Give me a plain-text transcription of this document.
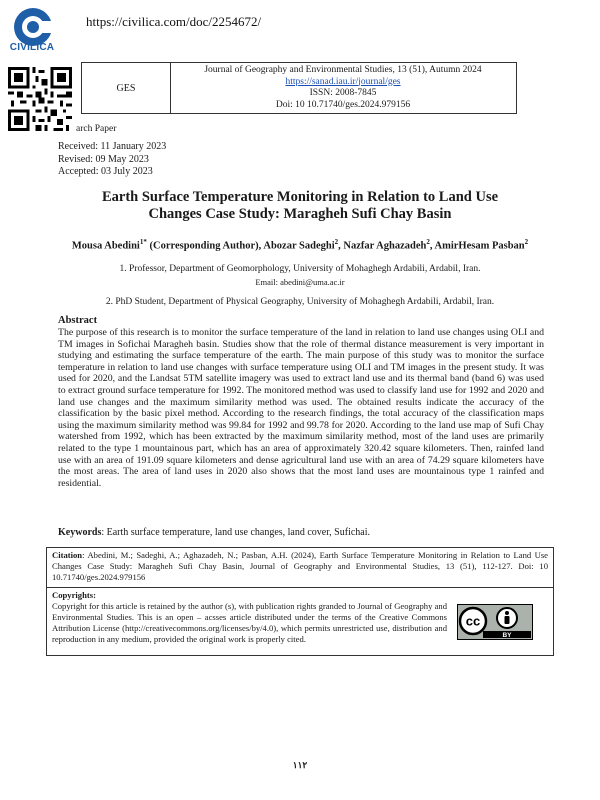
CIVILICA
https://civilica.com/doc/2254672/
GES
Journal of Geography and Environmental Studies, 13 (51), Autumn 2024
https://sanad.iau.ir/journal/ges
ISSN: 2008-7845
Doi: 10 10.71740/ges.2024.979156
arch Paper
Received: 11 January 2023
Revised: 09 May 2023
Accepted: 03 July 2023
Earth Surface Temperature Monitoring in Relation to Land Use
Changes Case Study: Maragheh Sufi Chay Basin
Mousa Abedini$^{1*}$ (Corresponding Author), Abozar Sadeghi$^2$, Nazfar Aghazadeh$^2$, AmirHesam Pasban$^2$
1. Professor, Department of Geomorphology, University of Mohaghegh Ardabili, Ardabil, Iran.
Email: abedini@uma.ac.ir
2. PhD Student, Department of Physical Geography, University of Mohaghegh Ardabili, Ardabil, Iran.
Abstract
The purpose of this research is to monitor the surface temperature of the land in relation to land use changes using OLI and TM images in Sofichai Maragheh basin. Studies show that the role of thermal distance measurement is very important in studying and estimating the surface temperature of the earth. The main purpose of this study was to monitor the surface temperature in relation to land use changes with surface temperature using OLI and TM images in the present study. It was used for 2020, and the Landsat 5TM satellite imagery was used to extract land use and its thermal band (band 6) was used to extract ground surface temperature for 1992. The monitored method was used to classify land use for 1992 and 2020 and land use changes and the maximum similarity method was used. The obtained results indicate the accuracy of the classification by the basic pixel method. According to the research findings, the total accuracy of the classification maps using the maximum similarity method was 99.84 for 1992 and 99.78 for 2020. According to the land use map of Sufi Chay watershed from 1992, which has been extracted by the maximum similarity method, most of the land uses are primarily related to the type 1 mountainous part, which has an area of approximately 320.42 square kilometers. Then, rainfed land use with an area of 191.09 square kilometers and dense agricultural land use with an area of 74.29 square kilometers have the most areas. The area of land uses in 2020 also shows that the most land uses are mountainous type 1 rainfed and residential.
Keywords: Earth surface temperature, land use changes, land cover, Sufichai.
Citation: Abedini, M.; Sadeghi, A.; Aghazadeh, N.; Pasban, A.H. (2024), Earth Surface Temperature Monitoring in Relation to Land Use Changes Case Study: Maragheh Sufi Chay Basin, Journal of Geography and Environmental Studies, 13 (51), 112-127. Doi: 10 10.71740/ges.2024.979156
Copyrights:
Copyright for this article is retained by the author (s), with publication rights granded to Journal of Geography and Environmental Studies. This is an open – acsses article distributed under the terms of the Creative Commons Attribution License (http://creativecommons.org/licenses/by/4.0), which permits unrestricted use, distribution and reproduction in any medium, provided the original work is properly cited.
cc
BY
۱۱۲
